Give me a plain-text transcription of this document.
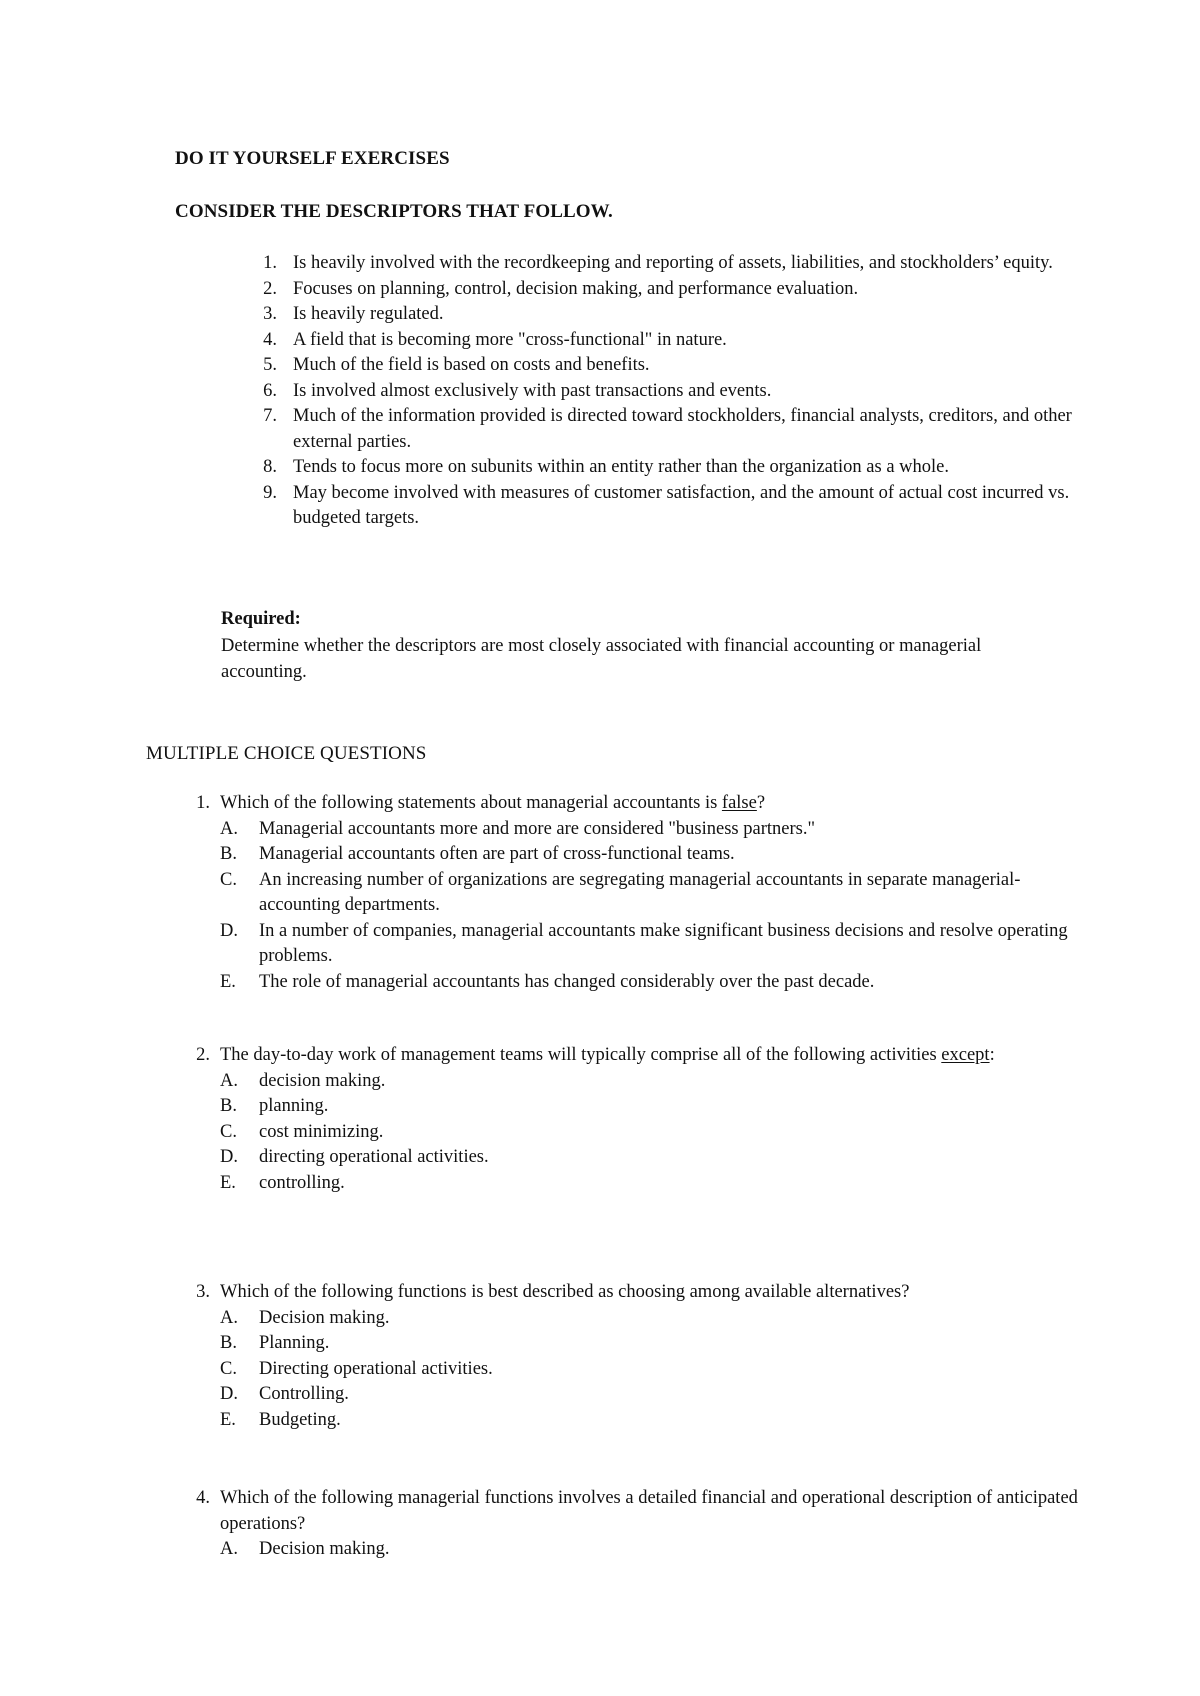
DO IT YOURSELF EXERCISES
CONSIDER THE DESCRIPTORS THAT FOLLOW.
1. Is heavily involved with the recordkeeping and reporting of assets, liabilities, and stockholders’ equity.
2. Focuses on planning, control, decision making, and performance evaluation.
3. Is heavily regulated.
4. A field that is becoming more "cross-functional" in nature.
5. Much of the field is based on costs and benefits.
6. Is involved almost exclusively with past transactions and events.
7. Much of the information provided is directed toward stockholders, financial analysts, creditors, and other external parties.
8. Tends to focus more on subunits within an entity rather than the organization as a whole.
9. May become involved with measures of customer satisfaction, and the amount of actual cost incurred vs. budgeted targets.
Required:
Determine whether the descriptors are most closely associated with financial accounting or managerial accounting.
MULTIPLE CHOICE QUESTIONS
1. Which of the following statements about managerial accountants is false?
A. Managerial accountants more and more are considered "business partners."
B. Managerial accountants often are part of cross-functional teams.
C. An increasing number of organizations are segregating managerial accountants in separate managerial-accounting departments.
D. In a number of companies, managerial accountants make significant business decisions and resolve operating problems.
E.	The role of managerial accountants has changed considerably over the past decade.
2. The day-to-day work of management teams will typically comprise all of the following activities except:
A. decision making.
B. planning.
C. cost minimizing.
D. directing operational activities.
E.	controlling.
3. Which of the following functions is best described as choosing among available alternatives?
A. Decision making.
B. Planning.
C. Directing operational activities.
D. Controlling.
E.	Budgeting.
4. Which of the following managerial functions involves a detailed financial and operational description of anticipated operations?
A. Decision making.
